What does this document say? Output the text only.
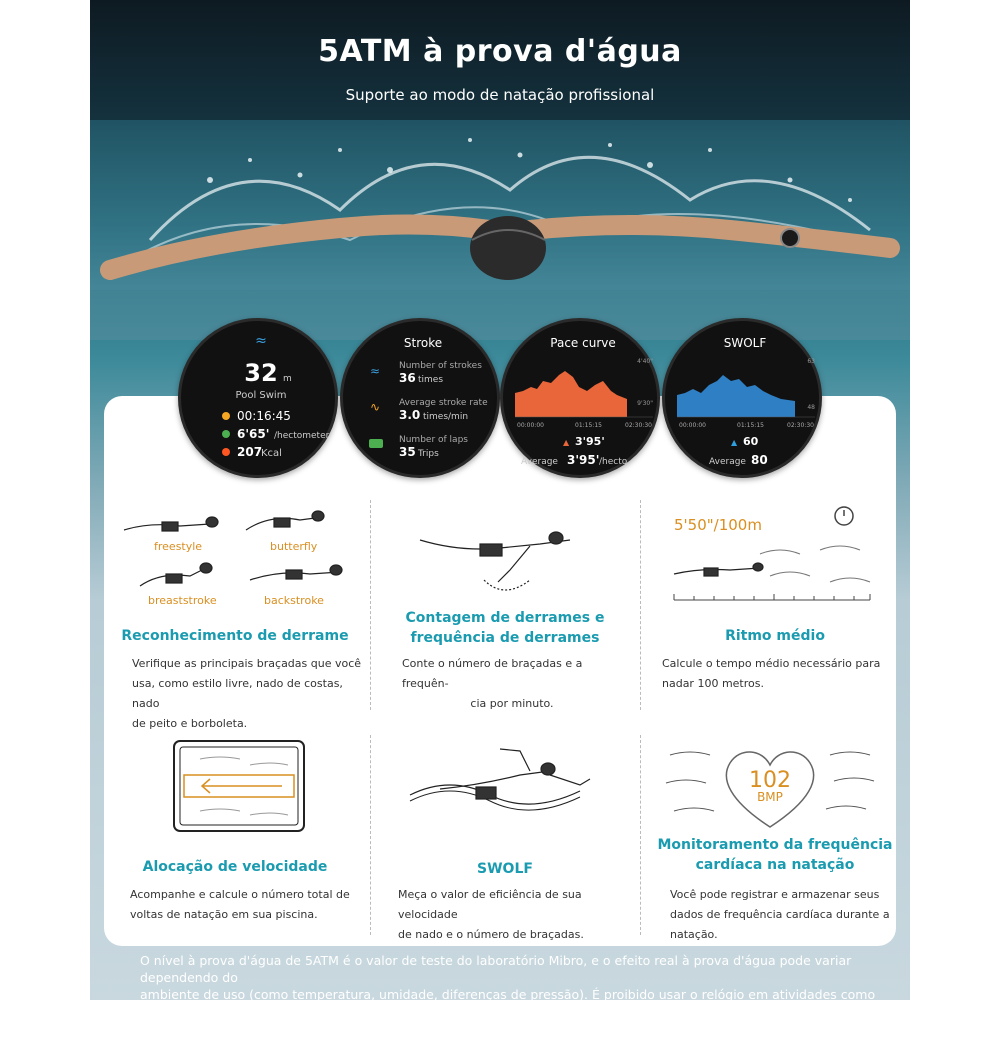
5ATM à prova d'água
Suporte ao modo de natação profissional
≈
32 m
Pool Swim
00:16:45
6'65' /hectometer
207
Kcal
Stroke
≈ Number of strokes
36 times
∿ Average stroke rate
3.0 times/min
Number of laps
35 Trips
Pace curve
4'40"
9'30"
00:00:00	01:15:15	02:30:30
▲ 3'95'
Average 3'95' /hecto
SWOLF
63
48
00:00:00	01:15:15	02:30:30
▲ 60
Average 80
freestyle	butterfly
breaststroke	backstroke
Reconhecimento de derrame
Verifique as principais braçadas que você
usa, como estilo livre, nado de costas, nado
de peito e borboleta.
Contagem de derrames e
frequência de derrames
Conte o número de braçadas e a frequên-
cia por minuto.
5'50"/100m
Ritmo médio
Calcule o tempo médio necessário para
nadar 100 metros.
Alocação de velocidade
Acompanhe e calcule o número total de
voltas de natação em sua piscina.
SWOLF
Meça o valor de eficiência de sua velocidade
de nado e o número de braçadas.
102
BMP
Monitoramento da frequência
cardíaca na natação
Você pode registrar e armazenar seus
dados de frequência cardíaca durante a
natação.
O nível à prova d'água de 5ATM é o valor de teste do laboratório Mibro, e o efeito real à prova d'água pode variar dependendo do
ambiente de uso (como temperatura, umidade, diferenças de pressão). É proibido usar o relógio em atividades como surfe, mergulho
e imersão em fontes termais.
